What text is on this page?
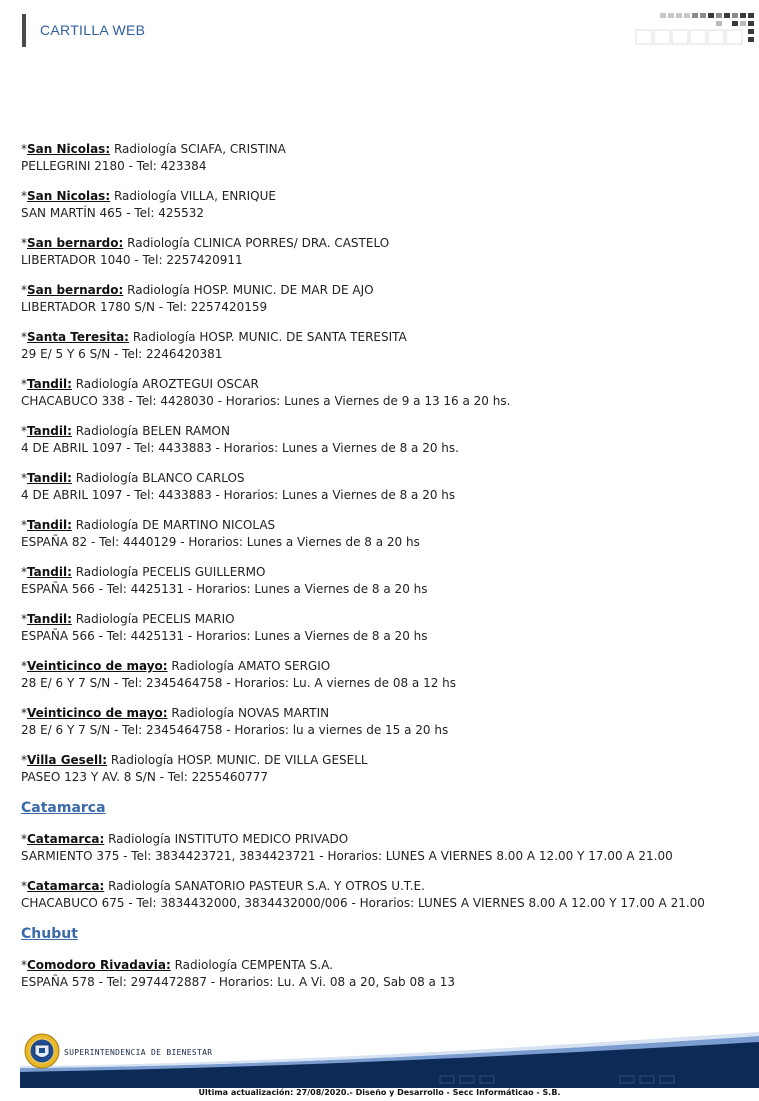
CARTILLA WEB
*San Nicolas: Radiología SCIAFA, CRISTINA
PELLEGRINI 2180 - Tel: 423384
*San Nicolas: Radiología VILLA, ENRIQUE
SAN MARTÍN 465 - Tel: 425532
*San bernardo: Radiología CLINICA PORRES/ DRA. CASTELO
LIBERTADOR 1040 - Tel: 2257420911
*San bernardo: Radiología HOSP. MUNIC. DE MAR DE AJO
LIBERTADOR 1780 S/N - Tel: 2257420159
*Santa Teresita: Radiología HOSP. MUNIC. DE SANTA TERESITA
29 E/ 5 Y 6 S/N - Tel: 2246420381
*Tandil: Radiología AROZTEGUI OSCAR
CHACABUCO 338 - Tel: 4428030 - Horarios: Lunes a Viernes de 9 a 13 16 a 20 hs.
*Tandil: Radiología BELEN RAMON
4 DE ABRIL 1097 - Tel: 4433883 - Horarios: Lunes a Viernes de 8 a 20 hs.
*Tandil: Radiología BLANCO CARLOS
4 DE ABRIL 1097 - Tel: 4433883 - Horarios: Lunes a Viernes de 8 a 20 hs
*Tandil: Radiología DE MARTINO NICOLAS
ESPAÑA 82 - Tel: 4440129 - Horarios: Lunes a Viernes de 8 a 20 hs
*Tandil: Radiología PECELIS GUILLERMO
ESPAÑA 566 - Tel: 4425131 - Horarios: Lunes a Viernes de 8 a 20 hs
*Tandil: Radiología PECELIS MARIO
ESPAÑA 566 - Tel: 4425131 - Horarios: Lunes a Viernes de 8 a 20 hs
*Veinticinco de mayo: Radiología AMATO SERGIO
28 E/ 6 Y 7 S/N - Tel: 2345464758 - Horarios: Lu. A viernes de 08 a 12 hs
*Veinticinco de mayo: Radiología NOVAS MARTIN
28 E/ 6 Y 7 S/N - Tel: 2345464758 - Horarios: lu a viernes de 15 a 20 hs
*Villa Gesell: Radiología HOSP. MUNIC. DE VILLA GESELL
PASEO 123 Y AV. 8 S/N - Tel: 2255460777
Catamarca
*Catamarca: Radiología INSTITUTO MEDICO PRIVADO
SARMIENTO 375 - Tel: 3834423721, 3834423721 - Horarios: LUNES A VIERNES 8.00 A 12.00 Y 17.00 A 21.00
*Catamarca: Radiología SANATORIO PASTEUR S.A. Y OTROS U.T.E.
CHACABUCO 675 - Tel: 3834432000, 3834432000/006 - Horarios: LUNES A VIERNES 8.00 A 12.00 Y 17.00 A 21.00
Chubut
*Comodoro Rivadavia: Radiología CEMPENTA S.A.
ESPAÑA 578 - Tel: 2974472887 - Horarios: Lu. A Vi. 08 a 20, Sab 08 a 13
SUPERINTENDENCIA DE BIENESTAR
Ultima actualización: 27/08/2020.- Diseño y Desarrollo - Secc Informáticao - S.B.
